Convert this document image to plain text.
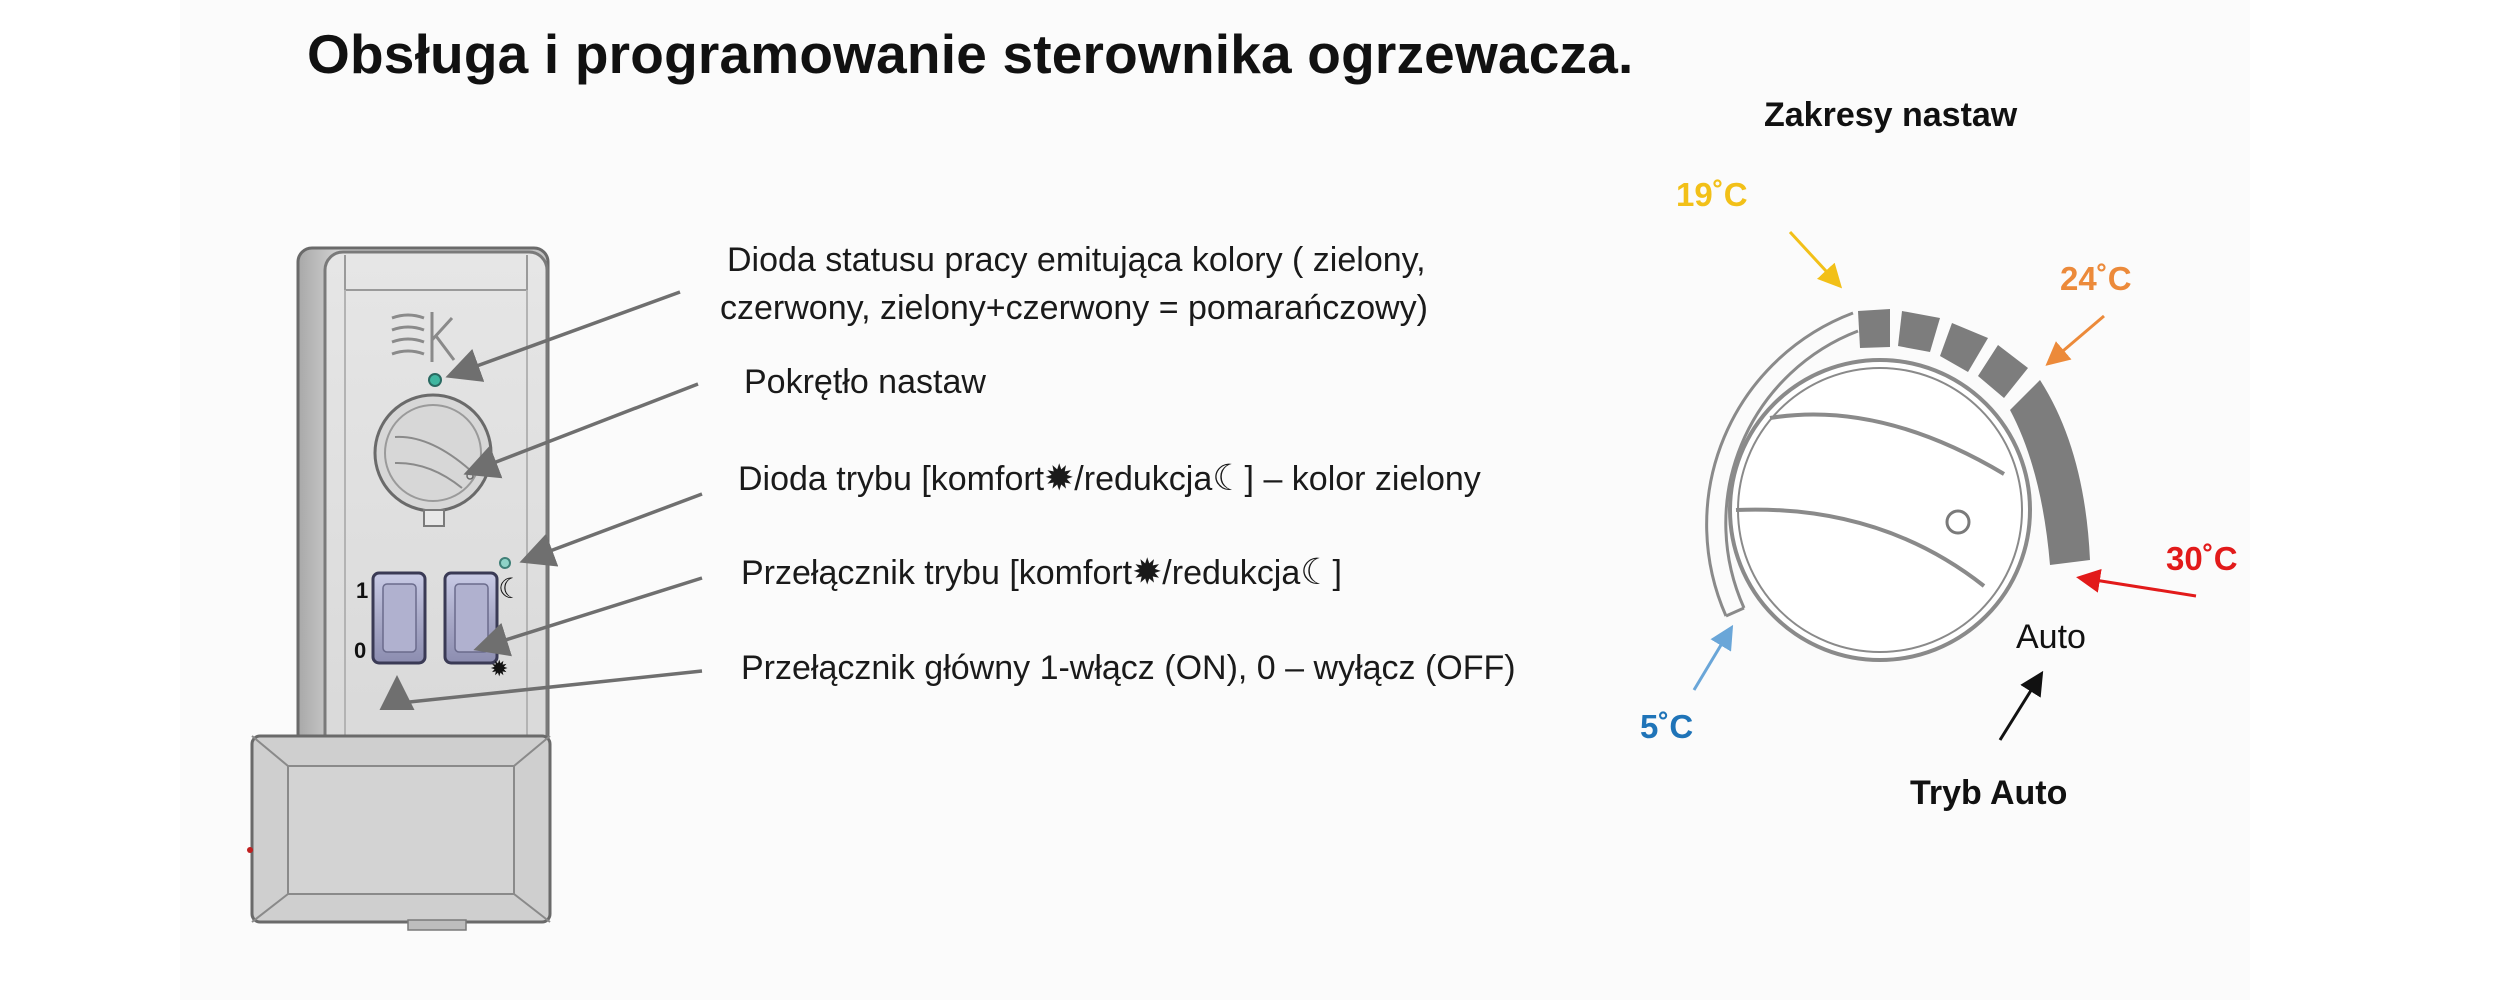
Obsługa i programowanie sterownika ogrzewacza.
1
0
☾
✹
Dioda statusu pracy emitująca kolory ( zielony,
czerwony, zielony+czerwony = pomarańczowy)
Pokrętło nastaw
Dioda trybu [komfort✹/redukcja☾] – kolor zielony
Przełącznik trybu [komfort✹/redukcja☾]
Przełącznik główny 1-włącz (ON), 0 – wyłącz (OFF)
Zakresy nastaw
19˚C
24˚C
30˚C
5˚C
Auto
Tryb Auto
